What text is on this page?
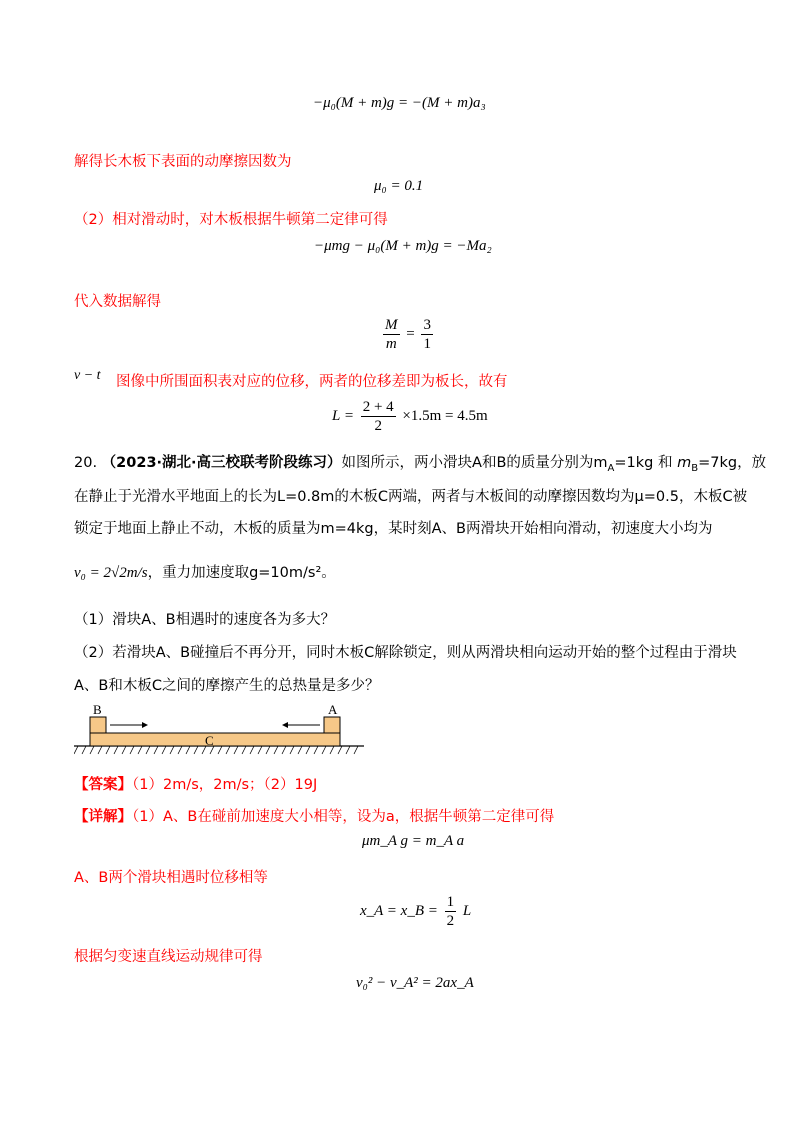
−μ₀(M + m)g = −(M + m)a₃
解得长木板下表面的动摩擦因数为
μ₀ = 0.1
（2）相对滑动时，对木板根据牛顿第二定律可得
−μmg − μ₀(M + m)g = −Ma₂
代入数据解得
$\frac{M}{m} = \frac{3}{1}$
v − t 图像中所围面积表对应的位移，两者的位移差即为板长，故有
$L = \frac{2 + 4}{2} \times 1.5m = 4.5m$
20. （2023·湖北·高三校联考阶段练习）如图所示，两小滑块A和B的质量分别为$m_A=1kg$ 和 $m_B=7kg$，放
在静止于光滑水平地面上的长为L=0.8m的木板C两端，两者与木板间的动摩擦因数均为μ=0.5，木板C被
锁定于地面上静止不动，木板的质量为m=4kg，某时刻A、B两滑块开始相向滑动，初速度大小均为
v₀ = 2√2m/s，重力加速度取g=10m/s²。
（1）滑块A、B相遇时的速度各为多大？
（2）若滑块A、B碰撞后不再分开，同时木板C解除锁定，则从两滑块相向运动开始的整个过程由于滑块
A、B和木板C之间的摩擦产生的总热量是多少？
B	A
C
【答案】（1）2m/s，2m/s；（2）19J
【详解】（1）A、B在碰前加速度大小相等，设为a，根据牛顿第二定律可得
μm_A g = m_A a
A、B两个滑块相遇时位移相等
x_A = x_B = $\frac{1}{2}$ L
根据匀变速直线运动规律可得
v₀² − v_A² = 2ax_A
